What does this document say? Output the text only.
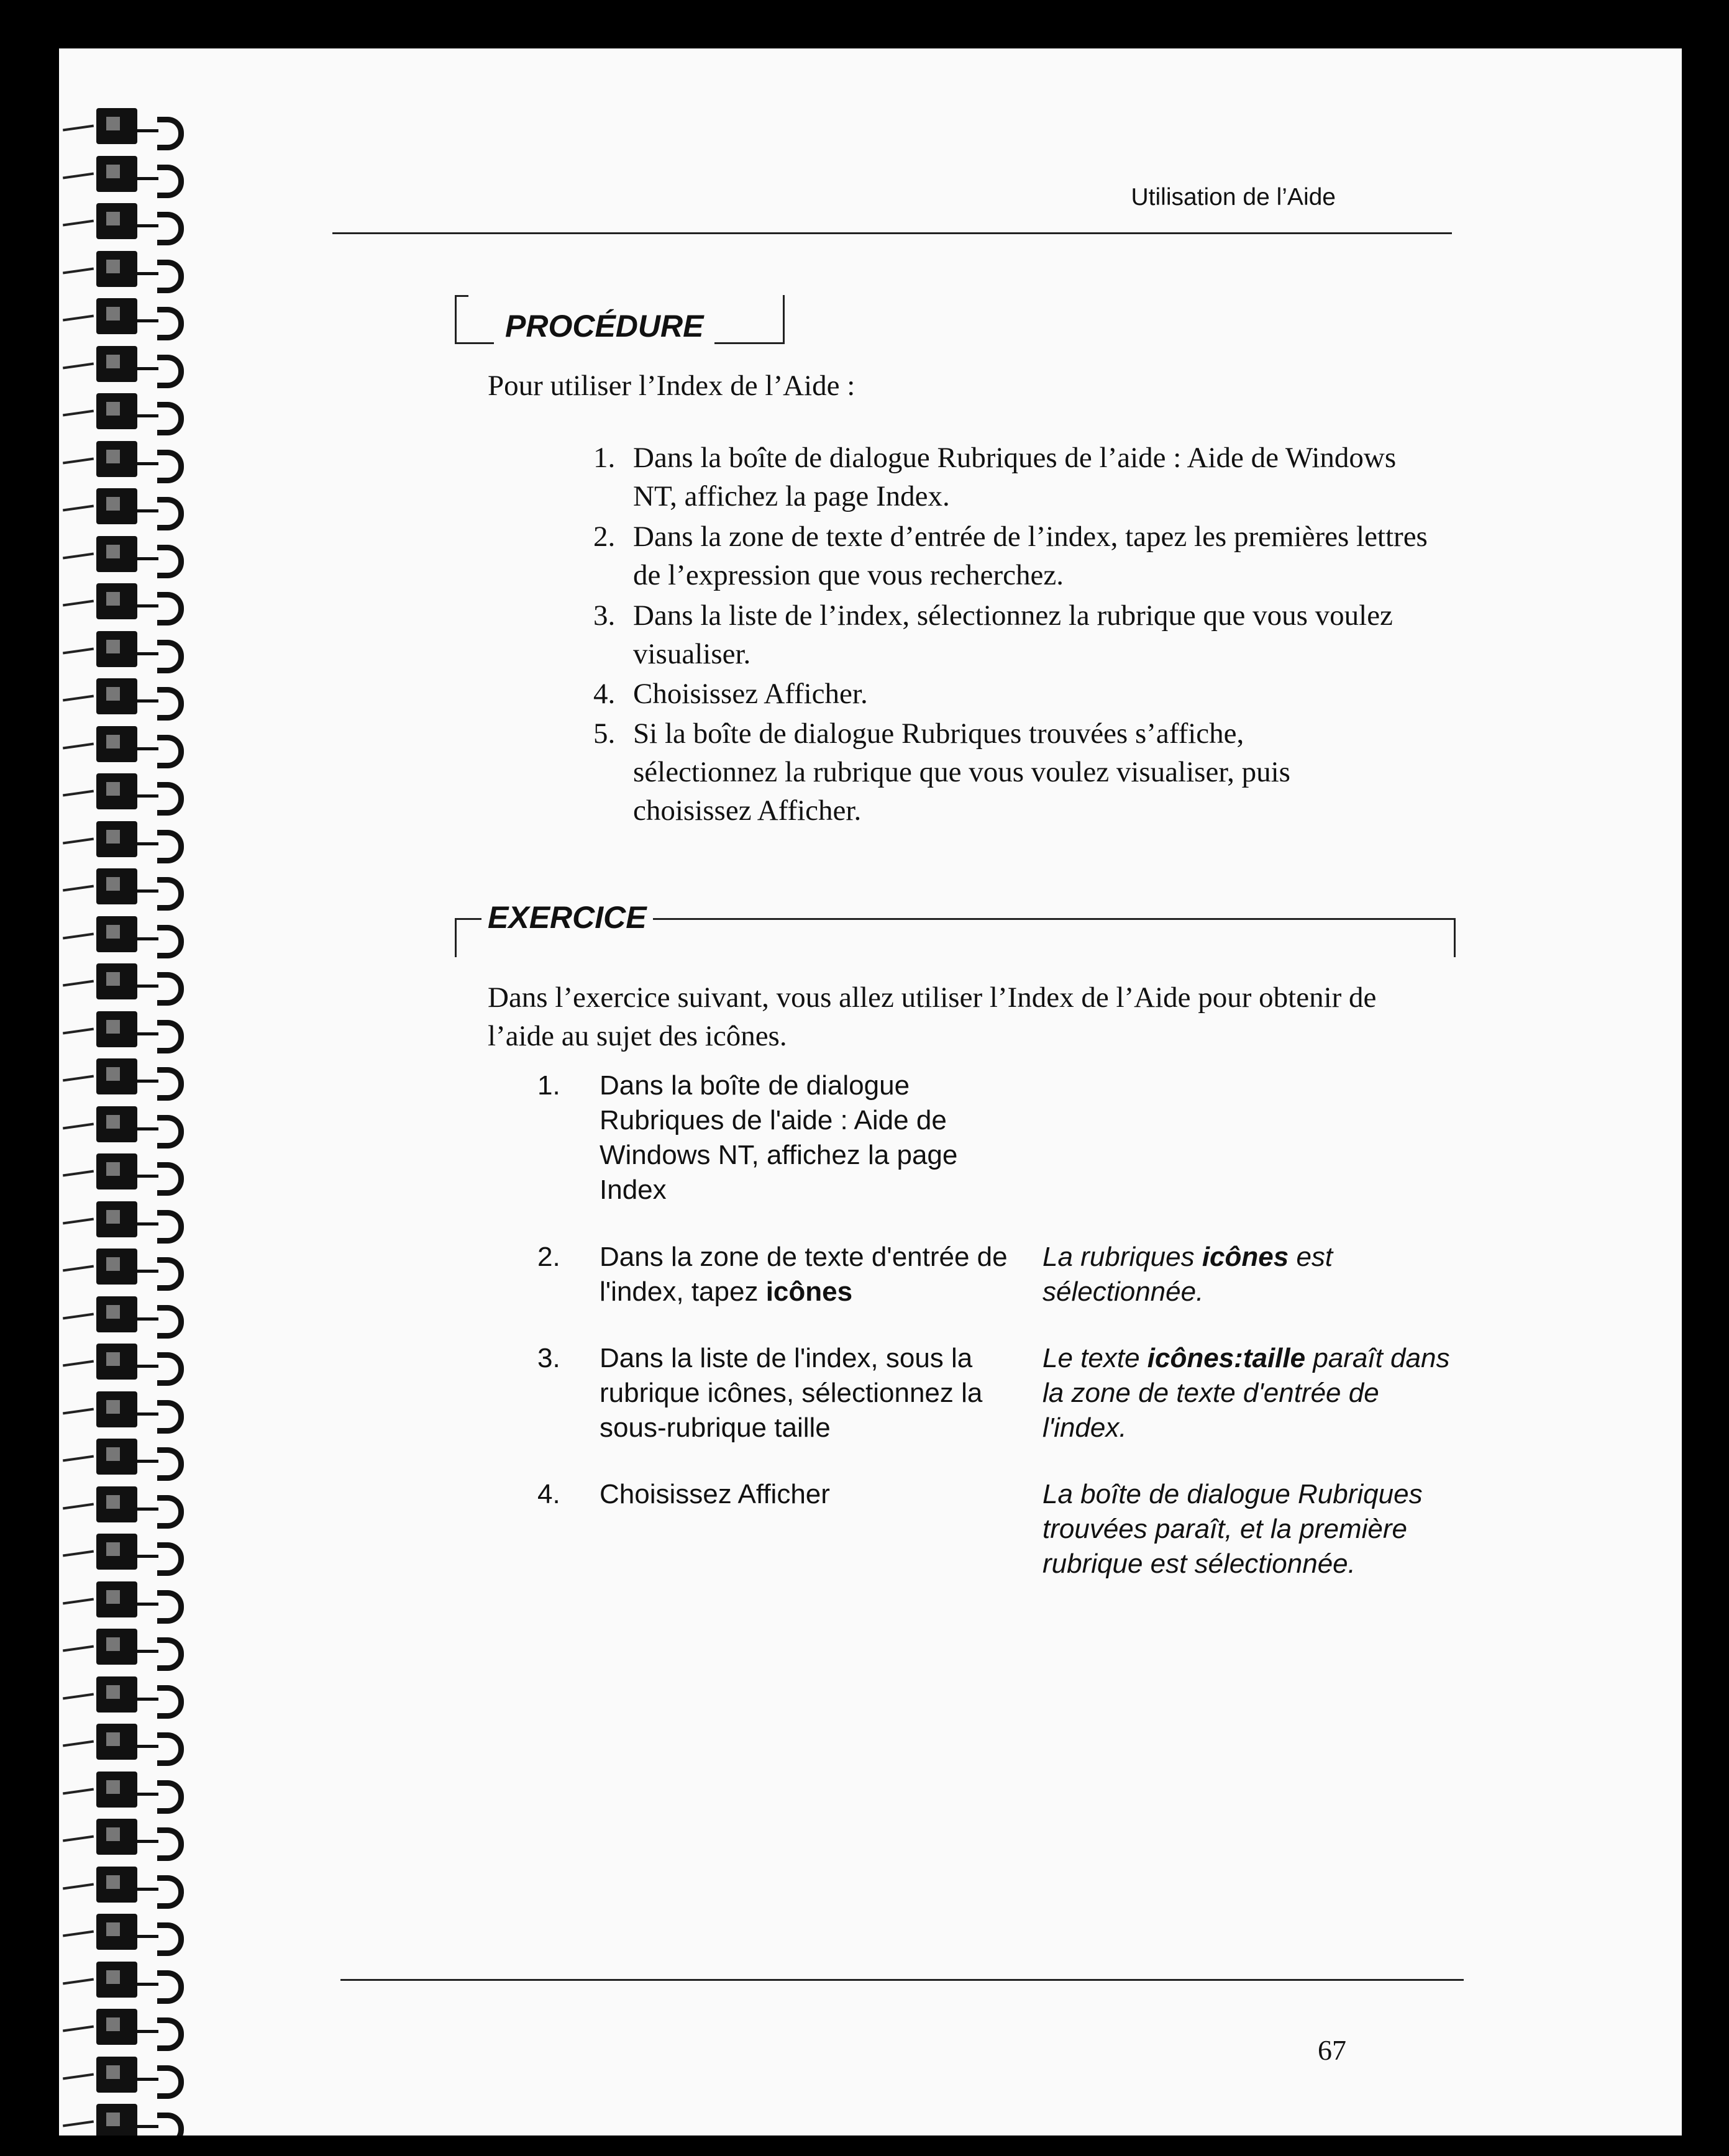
Utilisation de l’Aide
PROCÉDURE
Pour utiliser l’Index de l’Aide :
1. Dans la boîte de dialogue Rubriques de l’aide : Aide de Windows NT, affichez la page Index.
2. Dans la zone de texte d’entrée de l’index, tapez les premières lettres de l’expression que vous recherchez.
3. Dans la liste de l’index, sélectionnez la rubrique que vous voulez visualiser.
4. Choisissez Afficher.
5. Si la boîte de dialogue Rubriques trouvées s’affiche, sélectionnez la rubrique que vous voulez visualiser, puis choisissez Afficher.
EXERCICE
Dans l’exercice suivant, vous allez utiliser l’Index de l’Aide pour obtenir de l’aide au sujet des icônes.
1. Dans la boîte de dialogue Rubriques de l'aide : Aide de Windows NT, affichez la page Index
2. Dans la zone de texte d'entrée de l'index, tapez icônes
La rubriques icônes est sélectionnée.
3. Dans la liste de l'index, sous la rubrique icônes, sélectionnez la sous-rubrique taille
Le texte icônes:taille paraît dans la zone de texte d'entrée de l'index.
4. Choisissez Afficher	La boîte de dialogue Rubriques trouvées paraît, et la première rubrique est sélectionnée.
67
